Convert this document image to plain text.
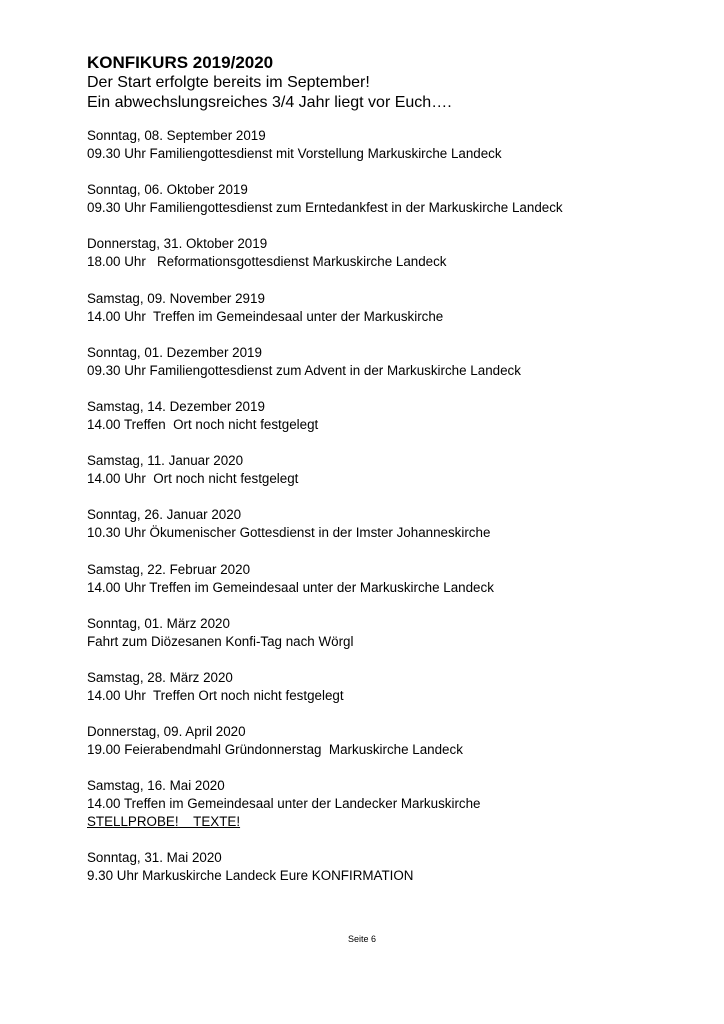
KONFIKURS 2019/2020

Der Start erfolgte bereits im September!

Ein abwechslungsreiches 3/4 Jahr liegt vor Euch….

Sonntag, 08. September 2019
09.30 Uhr Familiengottesdienst mit Vorstellung Markuskirche Landeck
Sonntag, 06. Oktober 2019
09.30 Uhr Familiengottesdienst zum Erntedankfest in der Markuskirche Landeck
Donnerstag, 31. Oktober 2019
18.00 Uhr   Reformationsgottesdienst Markuskirche Landeck
Samstag, 09. November 2919
14.00 Uhr  Treffen im Gemeindesaal unter der Markuskirche
Sonntag, 01. Dezember 2019
09.30 Uhr Familiengottesdienst zum Advent in der Markuskirche Landeck
Samstag, 14. Dezember 2019
14.00 Treffen  Ort noch nicht festgelegt
Samstag, 11. Januar 2020
14.00 Uhr  Ort noch nicht festgelegt
Sonntag, 26. Januar 2020
10.30 Uhr Ökumenischer Gottesdienst in der Imster Johanneskirche
Samstag, 22. Februar 2020
14.00 Uhr Treffen im Gemeindesaal unter der Markuskirche Landeck
Sonntag, 01. März 2020
Fahrt zum Diözesanen Konfi-Tag nach Wörgl
Samstag, 28. März 2020
14.00 Uhr  Treffen Ort noch nicht festgelegt
Donnerstag, 09. April 2020
19.00 Feierabendmahl Gründonnerstag  Markuskirche Landeck
Samstag, 16. Mai 2020
14.00 Treffen im Gemeindesaal unter der Landecker Markuskirche
STELLPROBE!    TEXTE!
Sonntag, 31. Mai 2020
9.30 Uhr Markuskirche Landeck Eure KONFIRMATION
Seite 6
